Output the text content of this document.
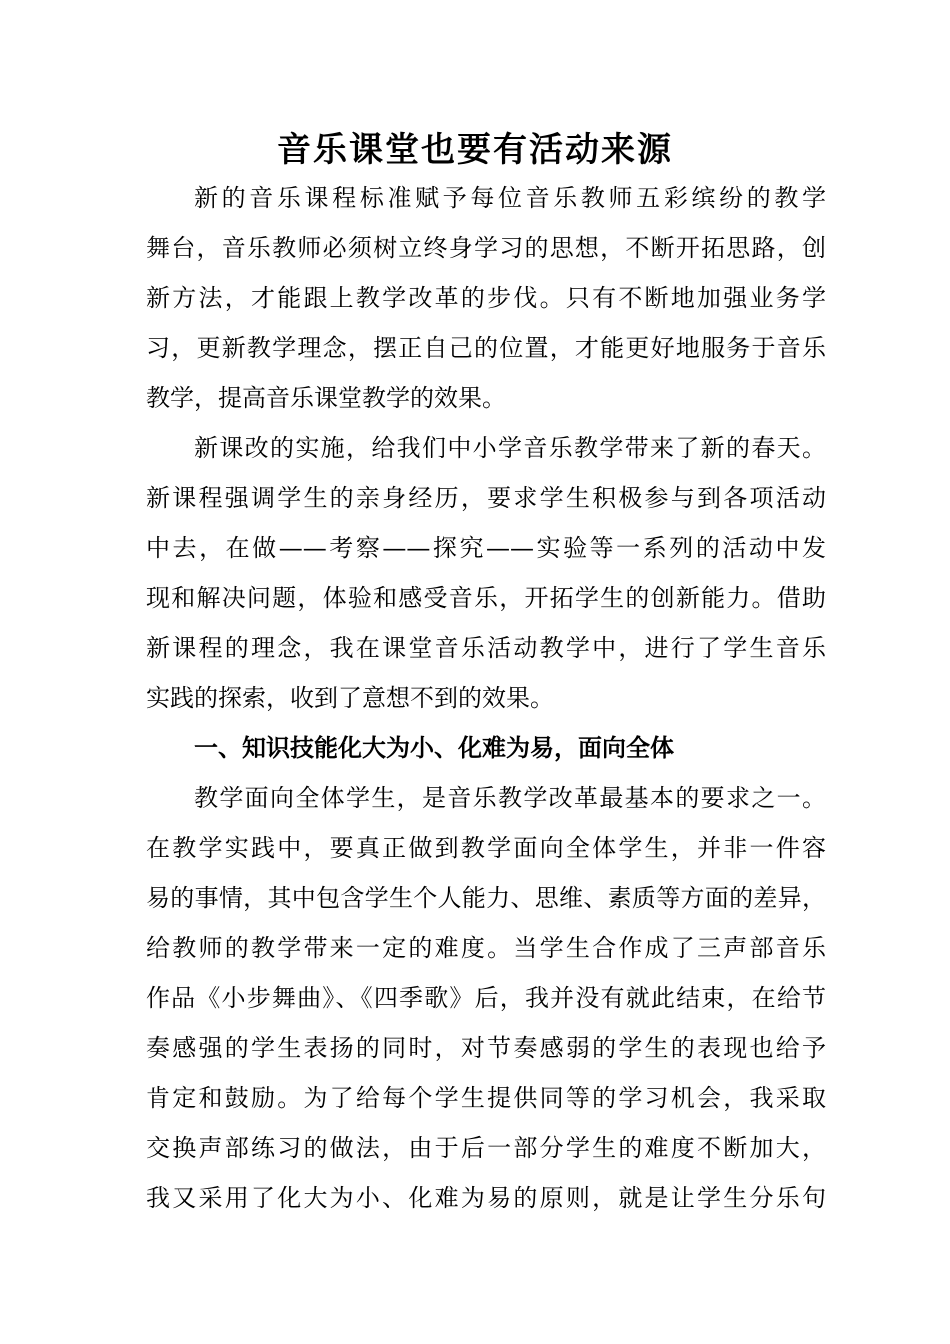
音乐课堂也要有活动来源
新的音乐课程标准赋予每位音乐教师五彩缤纷的教学
舞台，音乐教师必须树立终身学习的思想，不断开拓思路，创
新方法，才能跟上教学改革的步伐。只有不断地加强业务学
习，更新教学理念，摆正自己的位置，才能更好地服务于音乐
教学，提高音乐课堂教学的效果。
新课改的实施，给我们中小学音乐教学带来了新的春天。
新课程强调学生的亲身经历，要求学生积极参与到各项活动
中去，在做——考察——探究——实验等一系列的活动中发
现和解决问题，体验和感受音乐，开拓学生的创新能力。借助
新课程的理念，我在课堂音乐活动教学中，进行了学生音乐
实践的探索，收到了意想不到的效果。
一、知识技能化大为小、化难为易，面向全体
教学面向全体学生，是音乐教学改革最基本的要求之一。
在教学实践中，要真正做到教学面向全体学生，并非一件容
易的事情，其中包含学生个人能力、思维、素质等方面的差异，
给教师的教学带来一定的难度。当学生合作成了三声部音乐
作品《小步舞曲》、《四季歌》后，我并没有就此结束，在给节
奏感强的学生表扬的同时，对节奏感弱的学生的表现也给予
肯定和鼓励。为了给每个学生提供同等的学习机会，我采取
交换声部练习的做法，由于后一部分学生的难度不断加大，
我又采用了化大为小、化难为易的原则，就是让学生分乐句
